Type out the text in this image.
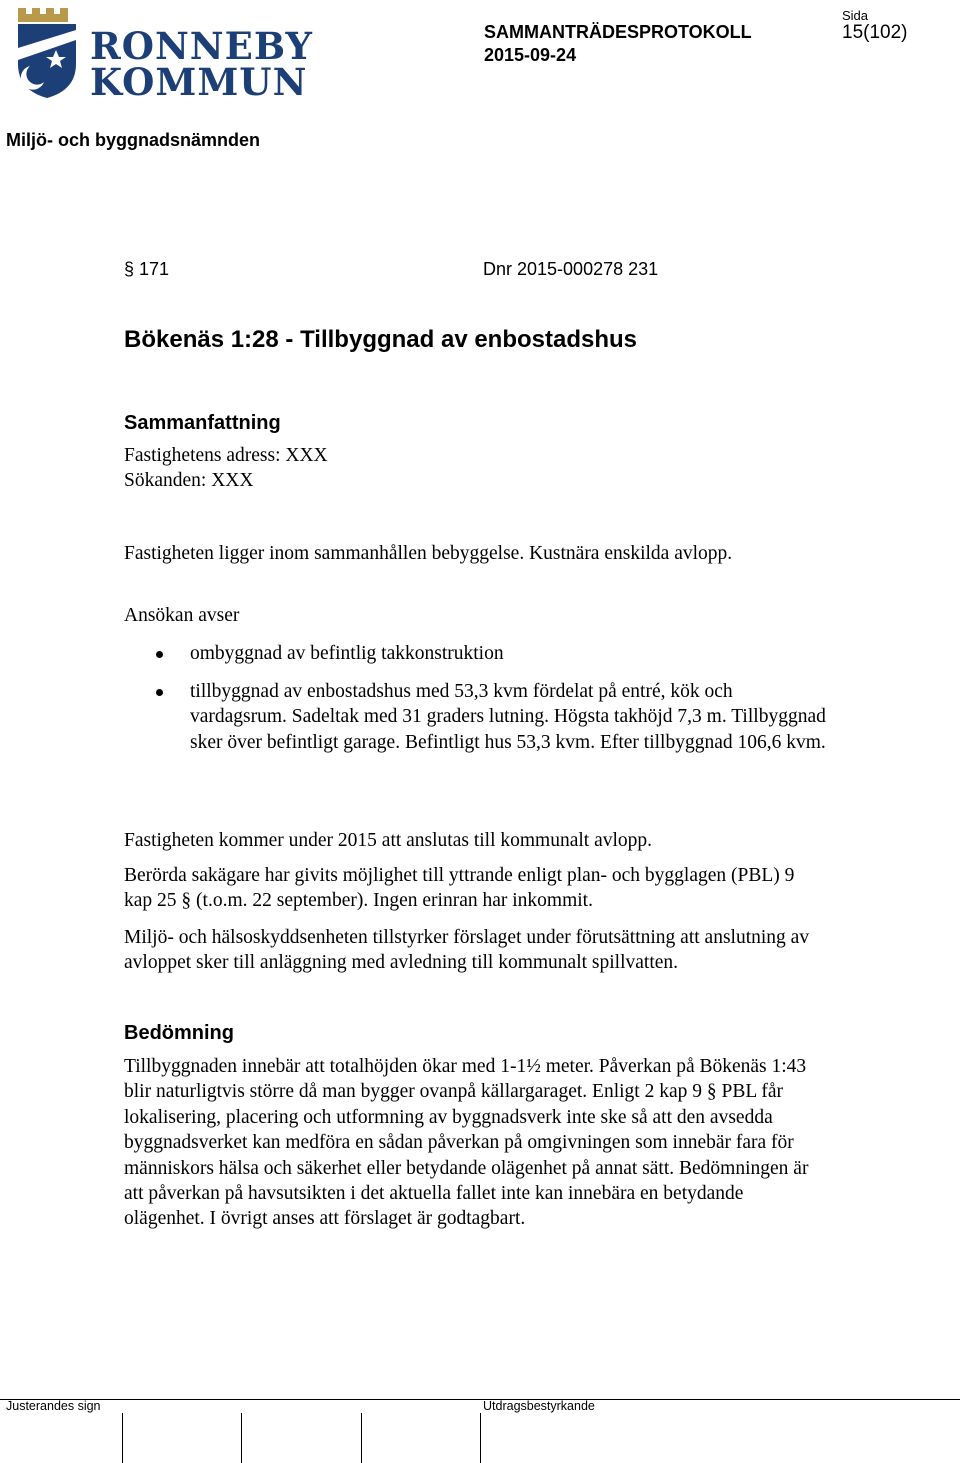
RONNEBY
KOMMUN
SAMMANTRÄDESPROTOKOLL
2015-09-24
Sida
15(102)
Miljö- och byggnadsnämnden
§ 171	Dnr 2015-000278 231
Bökenäs 1:28 - Tillbyggnad av enbostadshus
Sammanfattning
Fastighetens adress: XXX
Sökanden: XXX
Fastigheten ligger inom sammanhållen bebyggelse. Kustnära enskilda avlopp.
Ansökan avser
ombyggnad av befintlig takkonstruktion
tillbyggnad av enbostadshus med 53,3 kvm fördelat på entré, kök och vardagsrum. Sadeltak med 31 graders lutning. Högsta takhöjd 7,3 m. Tillbyggnad sker över befintligt garage. Befintligt hus 53,3 kvm. Efter tillbyggnad 106,6 kvm.
Fastigheten kommer under 2015 att anslutas till kommunalt avlopp.
Berörda sakägare har givits möjlighet till yttrande enligt plan- och bygglagen (PBL) 9 kap 25 § (t.o.m. 22 september). Ingen erinran har inkommit.
Miljö- och hälsoskyddsenheten tillstyrker förslaget under förutsättning att anslutning av avloppet sker till anläggning med avledning till kommunalt spillvatten.
Bedömning
Tillbyggnaden innebär att totalhöjden ökar med 1-1½ meter. Påverkan på Bökenäs 1:43 blir naturligtvis större då man bygger ovanpå källargaraget. Enligt 2 kap 9 § PBL får lokalisering, placering och utformning av byggnadsverk inte ske så att den avsedda byggnadsverket kan medföra en sådan påverkan på omgivningen som innebär fara för människors hälsa och säkerhet eller betydande olägenhet på annat sätt. Bedömningen är att påverkan på havsutsikten i det aktuella fallet inte kan innebära en betydande olägenhet. I övrigt anses att förslaget är godtagbart.
Justerandes sign	Utdragsbestyrkande
